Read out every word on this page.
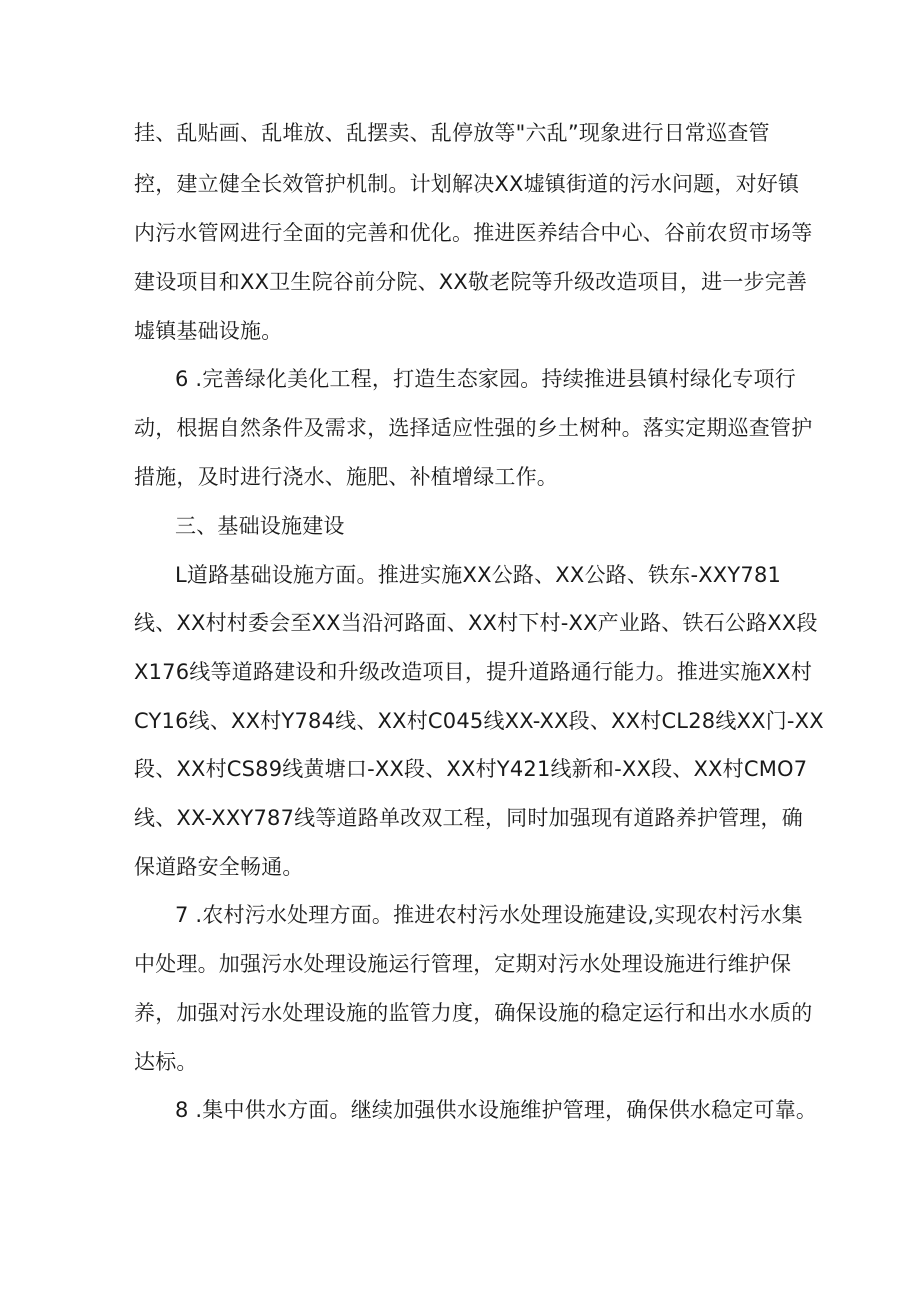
挂、乱贴画、乱堆放、乱摆卖、乱停放等"六乱”现象进行日常巡查管
控，建立健全长效管护机制。计划解决XX墟镇街道的污水问题，对好镇
内污水管网进行全面的完善和优化。推进医养结合中心、谷前农贸市场等
建设项目和XX卫生院谷前分院、XX敬老院等升级改造项目，进一步完善
墟镇基础设施。
6 .完善绿化美化工程，打造生态家园。持续推进县镇村绿化专项行
动，根据自然条件及需求，选择适应性强的乡土树种。落实定期巡查管护
措施，及时进行浇水、施肥、补植增绿工作。
三、基础设施建设
L道路基础设施方面。推进实施XX公路、XX公路、铁东-XXY781
线、XX村村委会至XX当沿河路面、XX村下村-XX产业路、铁石公路XX段
X176线等道路建设和升级改造项目，提升道路通行能力。推进实施XX村
CY16线、XX村Y784线、XX村C045线XX-XX段、XX村CL28线XX门-XX
段、XX村CS89线黄塘口-XX段、XX村Y421线新和-XX段、XX村CMO7
线、XX-XXY787线等道路单改双工程，同时加强现有道路养护管理，确
保道路安全畅通。
7 .农村污水处理方面。推进农村污水处理设施建设,实现农村污水集
中处理。加强污水处理设施运行管理，定期对污水处理设施进行维护保
养，加强对污水处理设施的监管力度，确保设施的稳定运行和出水水质的
达标。
8 .集中供水方面。继续加强供水设施维护管理，确保供水稳定可靠。
